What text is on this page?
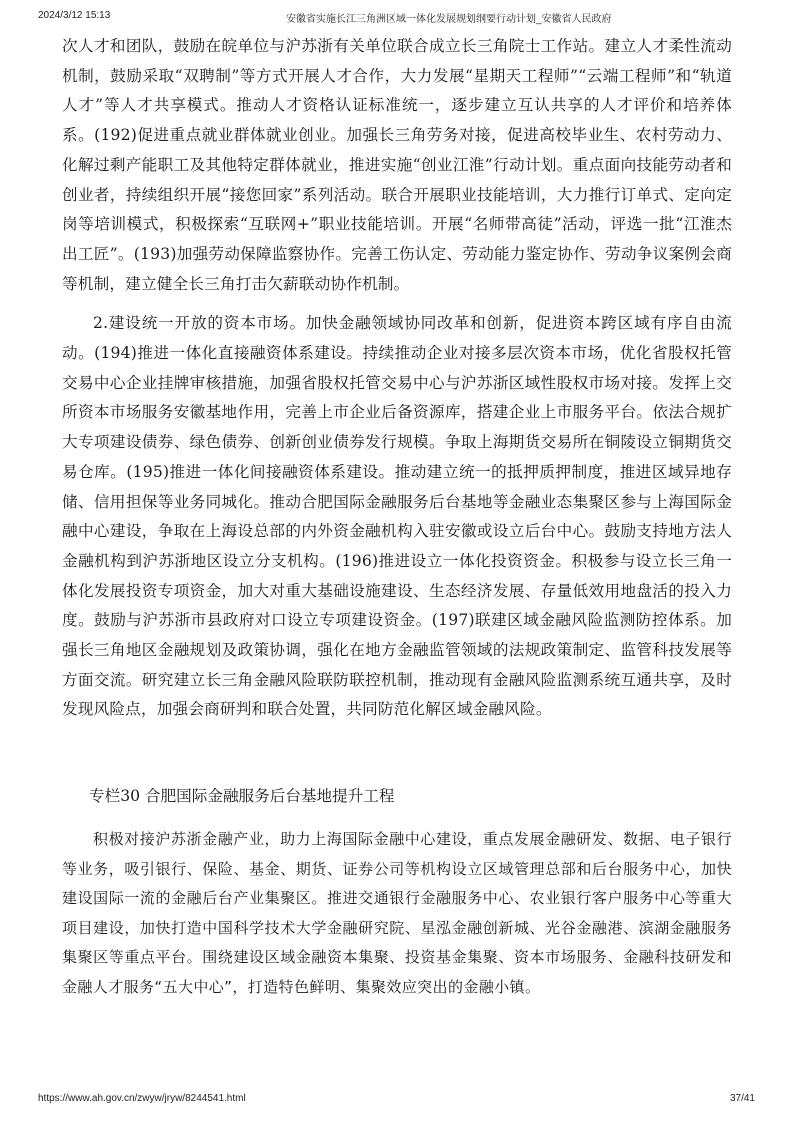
2024/3/12 15:13	安徽省实施长江三角洲区域一体化发展规划纲要行动计划_安徽省人民政府

次人才和团队，鼓励在皖单位与沪苏浙有关单位联合成立长三角院士工作站。建立人才柔性流动机制，鼓励采取“双聘制”等方式开展人才合作，大力发展“星期天工程师”“云端工程师”和“轨道人才”等人才共享模式。推动人才资格认证标准统一，逐步建立互认共享的人才评价和培养体系。(192)促进重点就业群体就业创业。加强长三角劳务对接，促进高校毕业生、农村劳动力、化解过剩产能职工及其他特定群体就业，推进实施“创业江淮”行动计划。重点面向技能劳动者和创业者，持续组织开展“接您回家”系列活动。联合开展职业技能培训，大力推行订单式、定向定岗等培训模式，积极探索“互联网+”职业技能培训。开展“名师带高徒”活动，评选一批“江淮杰出工匠”。(193)加强劳动保障监察协作。完善工伤认定、劳动能力鉴定协作、劳动争议案例会商等机制，建立健全长三角打击欠薪联动协作机制。

2.建设统一开放的资本市场。加快金融领域协同改革和创新，促进资本跨区域有序自由流动。(194)推进一体化直接融资体系建设。持续推动企业对接多层次资本市场，优化省股权托管交易中心企业挂牌审核措施，加强省股权托管交易中心与沪苏浙区域性股权市场对接。发挥上交所资本市场服务安徽基地作用，完善上市企业后备资源库，搭建企业上市服务平台。依法合规扩大专项建设债券、绿色债券、创新创业债券发行规模。争取上海期货交易所在铜陵设立铜期货交易仓库。(195)推进一体化间接融资体系建设。推动建立统一的抵押质押制度，推进区域异地存储、信用担保等业务同城化。推动合肥国际金融服务后台基地等金融业态集聚区参与上海国际金融中心建设，争取在上海设总部的内外资金融机构入驻安徽或设立后台中心。鼓励支持地方法人金融机构到沪苏浙地区设立分支机构。(196)推进设立一体化投资资金。积极参与设立长三角一体化发展投资专项资金，加大对重大基础设施建设、生态经济发展、存量低效用地盘活的投入力度。鼓励与沪苏浙市县政府对口设立专项建设资金。(197)联建区域金融风险监测防控体系。加强长三角地区金融规划及政策协调，强化在地方金融监管领域的法规政策制定、监管科技发展等方面交流。研究建立长三角金融风险联防联控机制，推动现有金融风险监测系统互通共享，及时发现风险点，加强会商研判和联合处置，共同防范化解区域金融风险。

专栏30 合肥国际金融服务后台基地提升工程

积极对接沪苏浙金融产业，助力上海国际金融中心建设，重点发展金融研发、数据、电子银行等业务，吸引银行、保险、基金、期货、证券公司等机构设立区域管理总部和后台服务中心，加快建设国际一流的金融后台产业集聚区。推进交通银行金融服务中心、农业银行客户服务中心等重大项目建设，加快打造中国科学技术大学金融研究院、星泓金融创新城、光谷金融港、滨湖金融服务集聚区等重点平台。围绕建设区域金融资本集聚、投资基金集聚、资本市场服务、金融科技研发和金融人才服务“五大中心”，打造特色鲜明、集聚效应突出的金融小镇。

https://www.ah.gov.cn/zwyw/jryw/8244541.html	37/41
